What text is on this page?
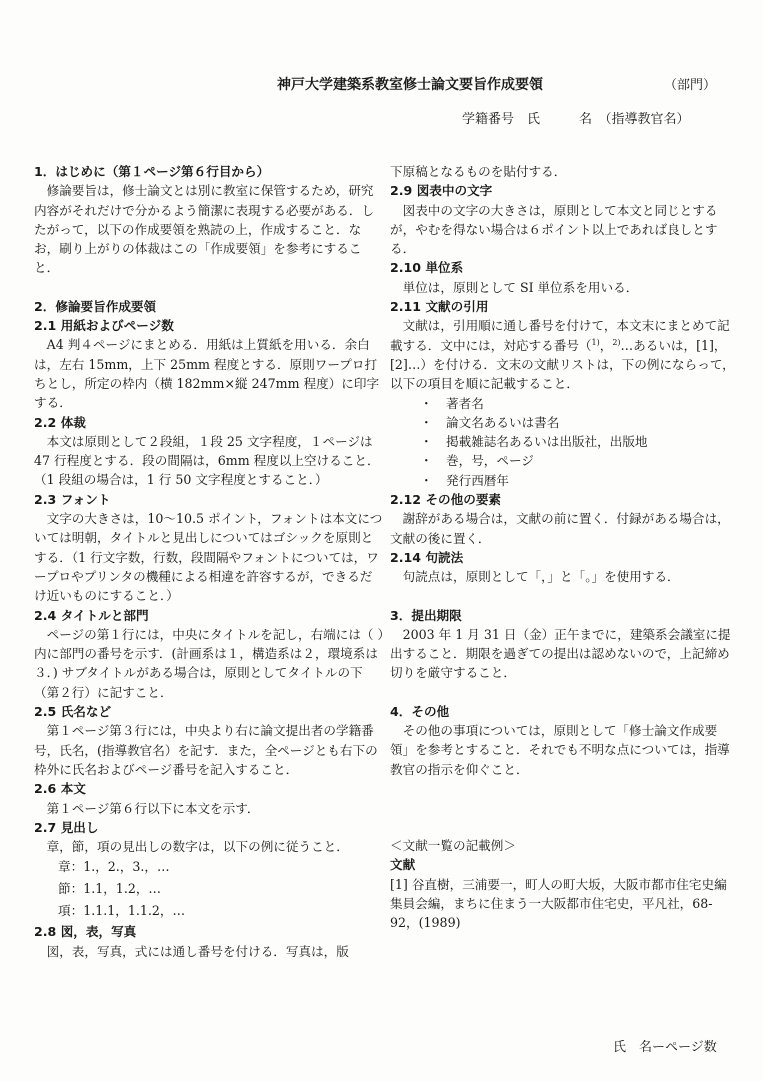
神戸大学建築系教室修士論文要旨作成要領	（部門）
学籍番号　氏　　　名　（指導教官名）
1．はじめに（第１ページ第６行目から）

修論要旨は，修士論文とは別に教室に保管するため，研究内容がそれだけで分かるよう簡潔に表現する必要がある．したがって，以下の作成要領を熟読の上，作成すること．なお，刷り上がりの体裁はこの「作成要領」を参考にすること．

2．修論要旨作成要領
2.1 用紙およびページ数

A4 判４ページにまとめる．用紙は上質紙を用いる．余白は，左右 15mm，上下 25mm 程度とする．原則ワープロ打ちとし，所定の枠内（横 182mm×縦 247mm 程度）に印字する．

2.2 体裁

本文は原則として２段組，１段 25 文字程度，１ページは 47 行程度とする．段の間隔は，6mm 程度以上空けること．（1 段組の場合は，1 行 50 文字程度とすること．）

2.3 フォント

文字の大きさは，10〜10.5 ポイント，フォントは本文については明朝，タイトルと見出しについてはゴシックを原則とする．（1 行文字数，行数，段間隔やフォントについては，ワープロやプリンタの機種による相違を許容するが，できるだけ近いものにすること．）

2.4 タイトルと部門

ページの第１行には，中央にタイトルを記し，右端には（ ）内に部門の番号を示す．(計画系は１，構造系は２，環境系は３．) サブタイトルがある場合は，原則としてタイトルの下（第２行）に記すこと．

2.5 氏名など

第１ページ第３行には，中央より右に論文提出者の学籍番号，氏名，(指導教官名）を記す．また，全ページとも右下の枠外に氏名およびページ番号を記入すること．

2.6 本文

第１ページ第６行以下に本文を示す．

2.7 見出し

章，節，項の見出しの数字は，以下の例に従うこと．

章：1.，2.，3.，…
節：1.1，1.2，…
項：1.1.1，1.1.2，…
2.8 図，表，写真

図，表，写真，式には通し番号を付ける．写真は，版

下原稿となるものを貼付する．

2.9 図表中の文字

図表中の文字の大きさは，原則として本文と同じとするが，やむを得ない場合は６ポイント以上であれば良しとする．

2.10 単位系

単位は，原則として SI 単位系を用いる．

2.11 文献の引用

文献は，引用順に通し番号を付けて，本文末にまとめて記載する．文中には，対応する番号（$^{1)}$，$^{2)}$…あるいは，[1]，[2]…）を付ける．文末の文献リストは，下の例にならって，以下の項目を順に記載すること．

・ 著者名
・ 論文名あるいは書名
・ 掲載雑誌名あるいは出版社，出版地
・ 巻，号，ページ
・ 発行西暦年
2.12 その他の要素

謝辞がある場合は，文献の前に置く．付録がある場合は，文献の後に置く．

2.14 句読法

句読点は，原則として「，」と「。」を使用する．

3．提出期限

2003 年 1 月 31 日（金）正午までに，建築系会議室に提出すること．期限を過ぎての提出は認めないので，上記締め切りを厳守すること．

4．その他

その他の事項については，原則として「修士論文作成要領」を参考とすること．それでも不明な点については，指導教官の指示を仰ぐこと．

＜文献一覧の記載例＞

文献

[1] 谷直樹，三浦要一，町人の町大坂，大阪市都市住宅史編集員会編，まちに住まう一大阪都市住宅史，平凡社，68-92，(1989)

氏　名ーページ数
